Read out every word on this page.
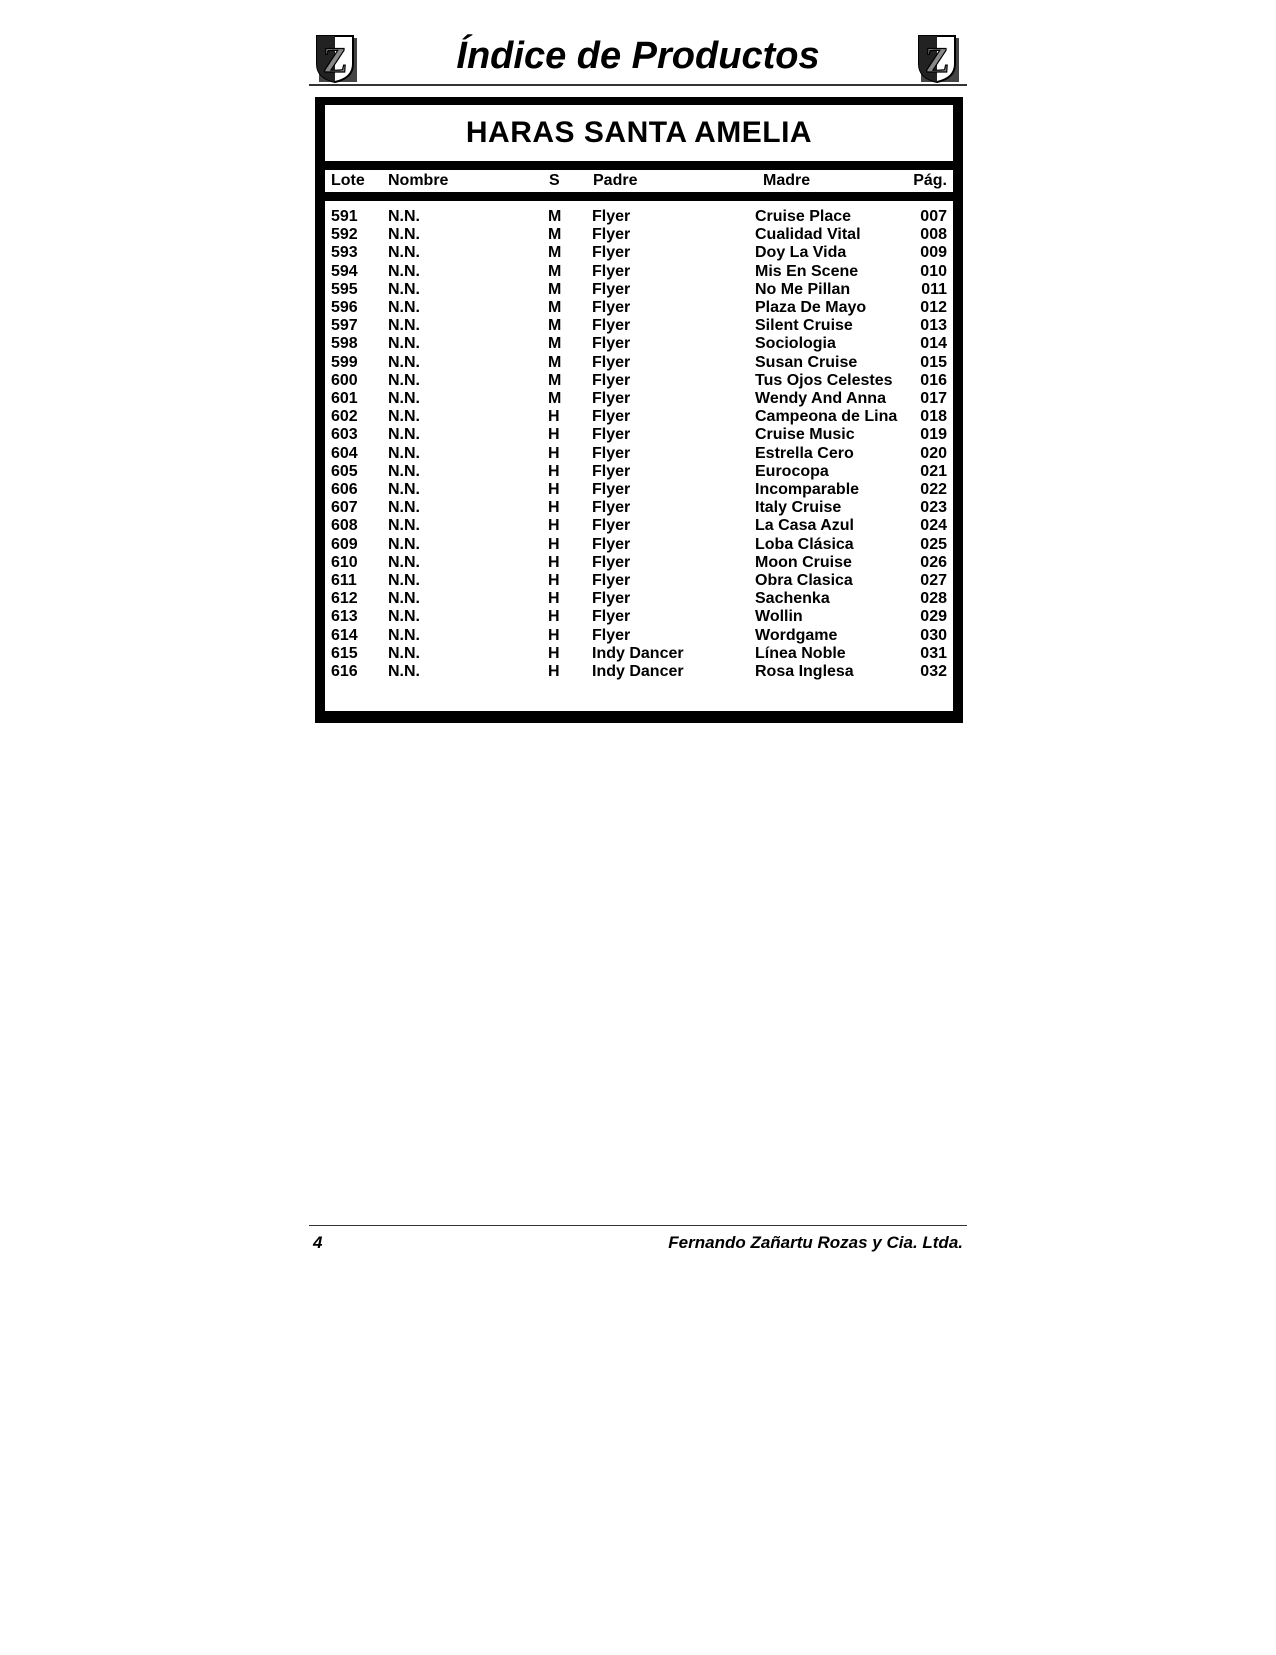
Z	Índice de Productos	Z
HARAS SANTA AMELIA
Lote Nombre	S Padre	Madre	Pág.
591 N.N.	M Flyer	Cruise Place	007
592 N.N.	M Flyer	Cualidad Vital	008
593 N.N.	M Flyer	Doy La Vida	009
594 N.N.	M Flyer	Mis En Scene	010
595 N.N.	M Flyer	No Me Pillan	011
596 N.N.	M Flyer	Plaza De Mayo	012
597 N.N.	M Flyer	Silent Cruise	013
598 N.N.	M Flyer	Sociologia	014
599 N.N.	M Flyer	Susan Cruise	015
600 N.N.	M Flyer	Tus Ojos Celestes 016
601 N.N.	M Flyer	Wendy And Anna 017
602 N.N.	H Flyer	Campeona de Lina 018
603 N.N.	H Flyer	Cruise Music	019
604 N.N.	H Flyer	Estrella Cero	020
605 N.N.	H Flyer	Eurocopa	021
606 N.N.	H Flyer	Incomparable	022
607 N.N.	H Flyer	Italy Cruise	023
608 N.N.	H Flyer	La Casa Azul	024
609 N.N.	H Flyer	Loba Clásica	025
610 N.N.	H Flyer	Moon Cruise	026
611 N.N.	H Flyer	Obra Clasica	027
612 N.N.	H Flyer	Sachenka	028
613 N.N.	H Flyer	Wollin	029
614 N.N.	H Flyer	Wordgame	030
615 N.N.	H Indy Dancer	Línea Noble	031
616 N.N.	H Indy Dancer	Rosa Inglesa	032
4	Fernando Zañartu Rozas y Cia. Ltda.
